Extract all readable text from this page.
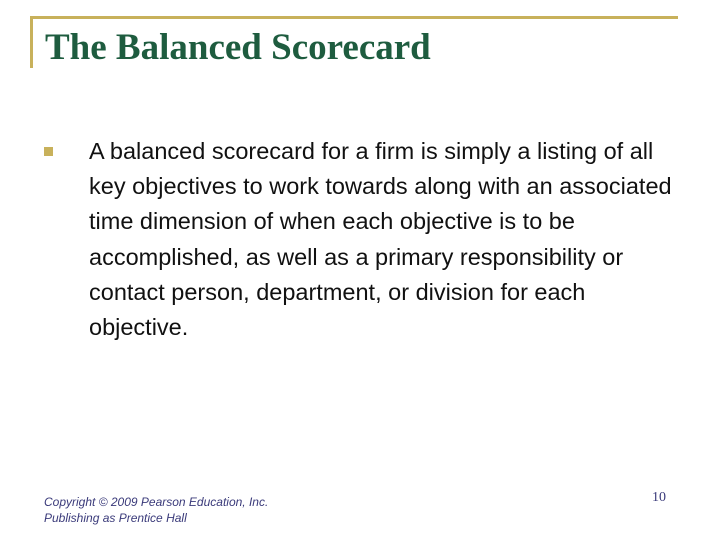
The Balanced Scorecard

A balanced scorecard for a firm is simply a listing of all key objectives to work towards along with an associated time dimension of when each objective is to be accomplished, as well as a primary responsibility or contact person, department, or division for each objective.

Copyright © 2009 Pearson Education, Inc.
Publishing as Prentice Hall
10
